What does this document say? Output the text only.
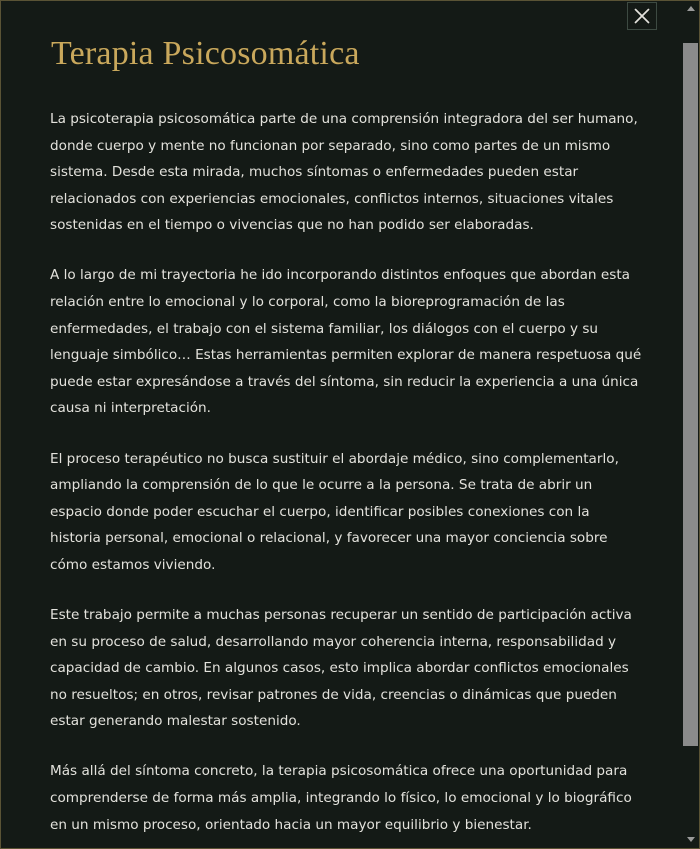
Terapia Psicosomática

La psicoterapia psicosomática parte de una comprensión integradora del ser humano, donde cuerpo y mente no funcionan por separado, sino como partes de un mismo sistema. Desde esta mirada, muchos síntomas o enfermedades pueden estar relacionados con experiencias emocionales, conflictos internos, situaciones vitales sostenidas en el tiempo o vivencias que no han podido ser elaboradas.

A lo largo de mi trayectoria he ido incorporando distintos enfoques que abordan esta relación entre lo emocional y lo corporal, como la bioreprogramación de las enfermedades, el trabajo con el sistema familiar, los diálogos con el cuerpo y su lenguaje simbólico… Estas herramientas permiten explorar de manera respetuosa qué puede estar expresándose a través del síntoma, sin reducir la experiencia a una única causa ni interpretación.

El proceso terapéutico no busca sustituir el abordaje médico, sino complementarlo, ampliando la comprensión de lo que le ocurre a la persona. Se trata de abrir un espacio donde poder escuchar el cuerpo, identificar posibles conexiones con la historia personal, emocional o relacional, y favorecer una mayor conciencia sobre cómo estamos viviendo.

Este trabajo permite a muchas personas recuperar un sentido de participación activa en su proceso de salud, desarrollando mayor coherencia interna, responsabilidad y capacidad de cambio. En algunos casos, esto implica abordar conflictos emocionales no resueltos; en otros, revisar patrones de vida, creencias o dinámicas que pueden estar generando malestar sostenido.

Más allá del síntoma concreto, la terapia psicosomática ofrece una oportunidad para comprenderse de forma más amplia, integrando lo físico, lo emocional y lo biográfico en un mismo proceso, orientado hacia un mayor equilibrio y bienestar.
